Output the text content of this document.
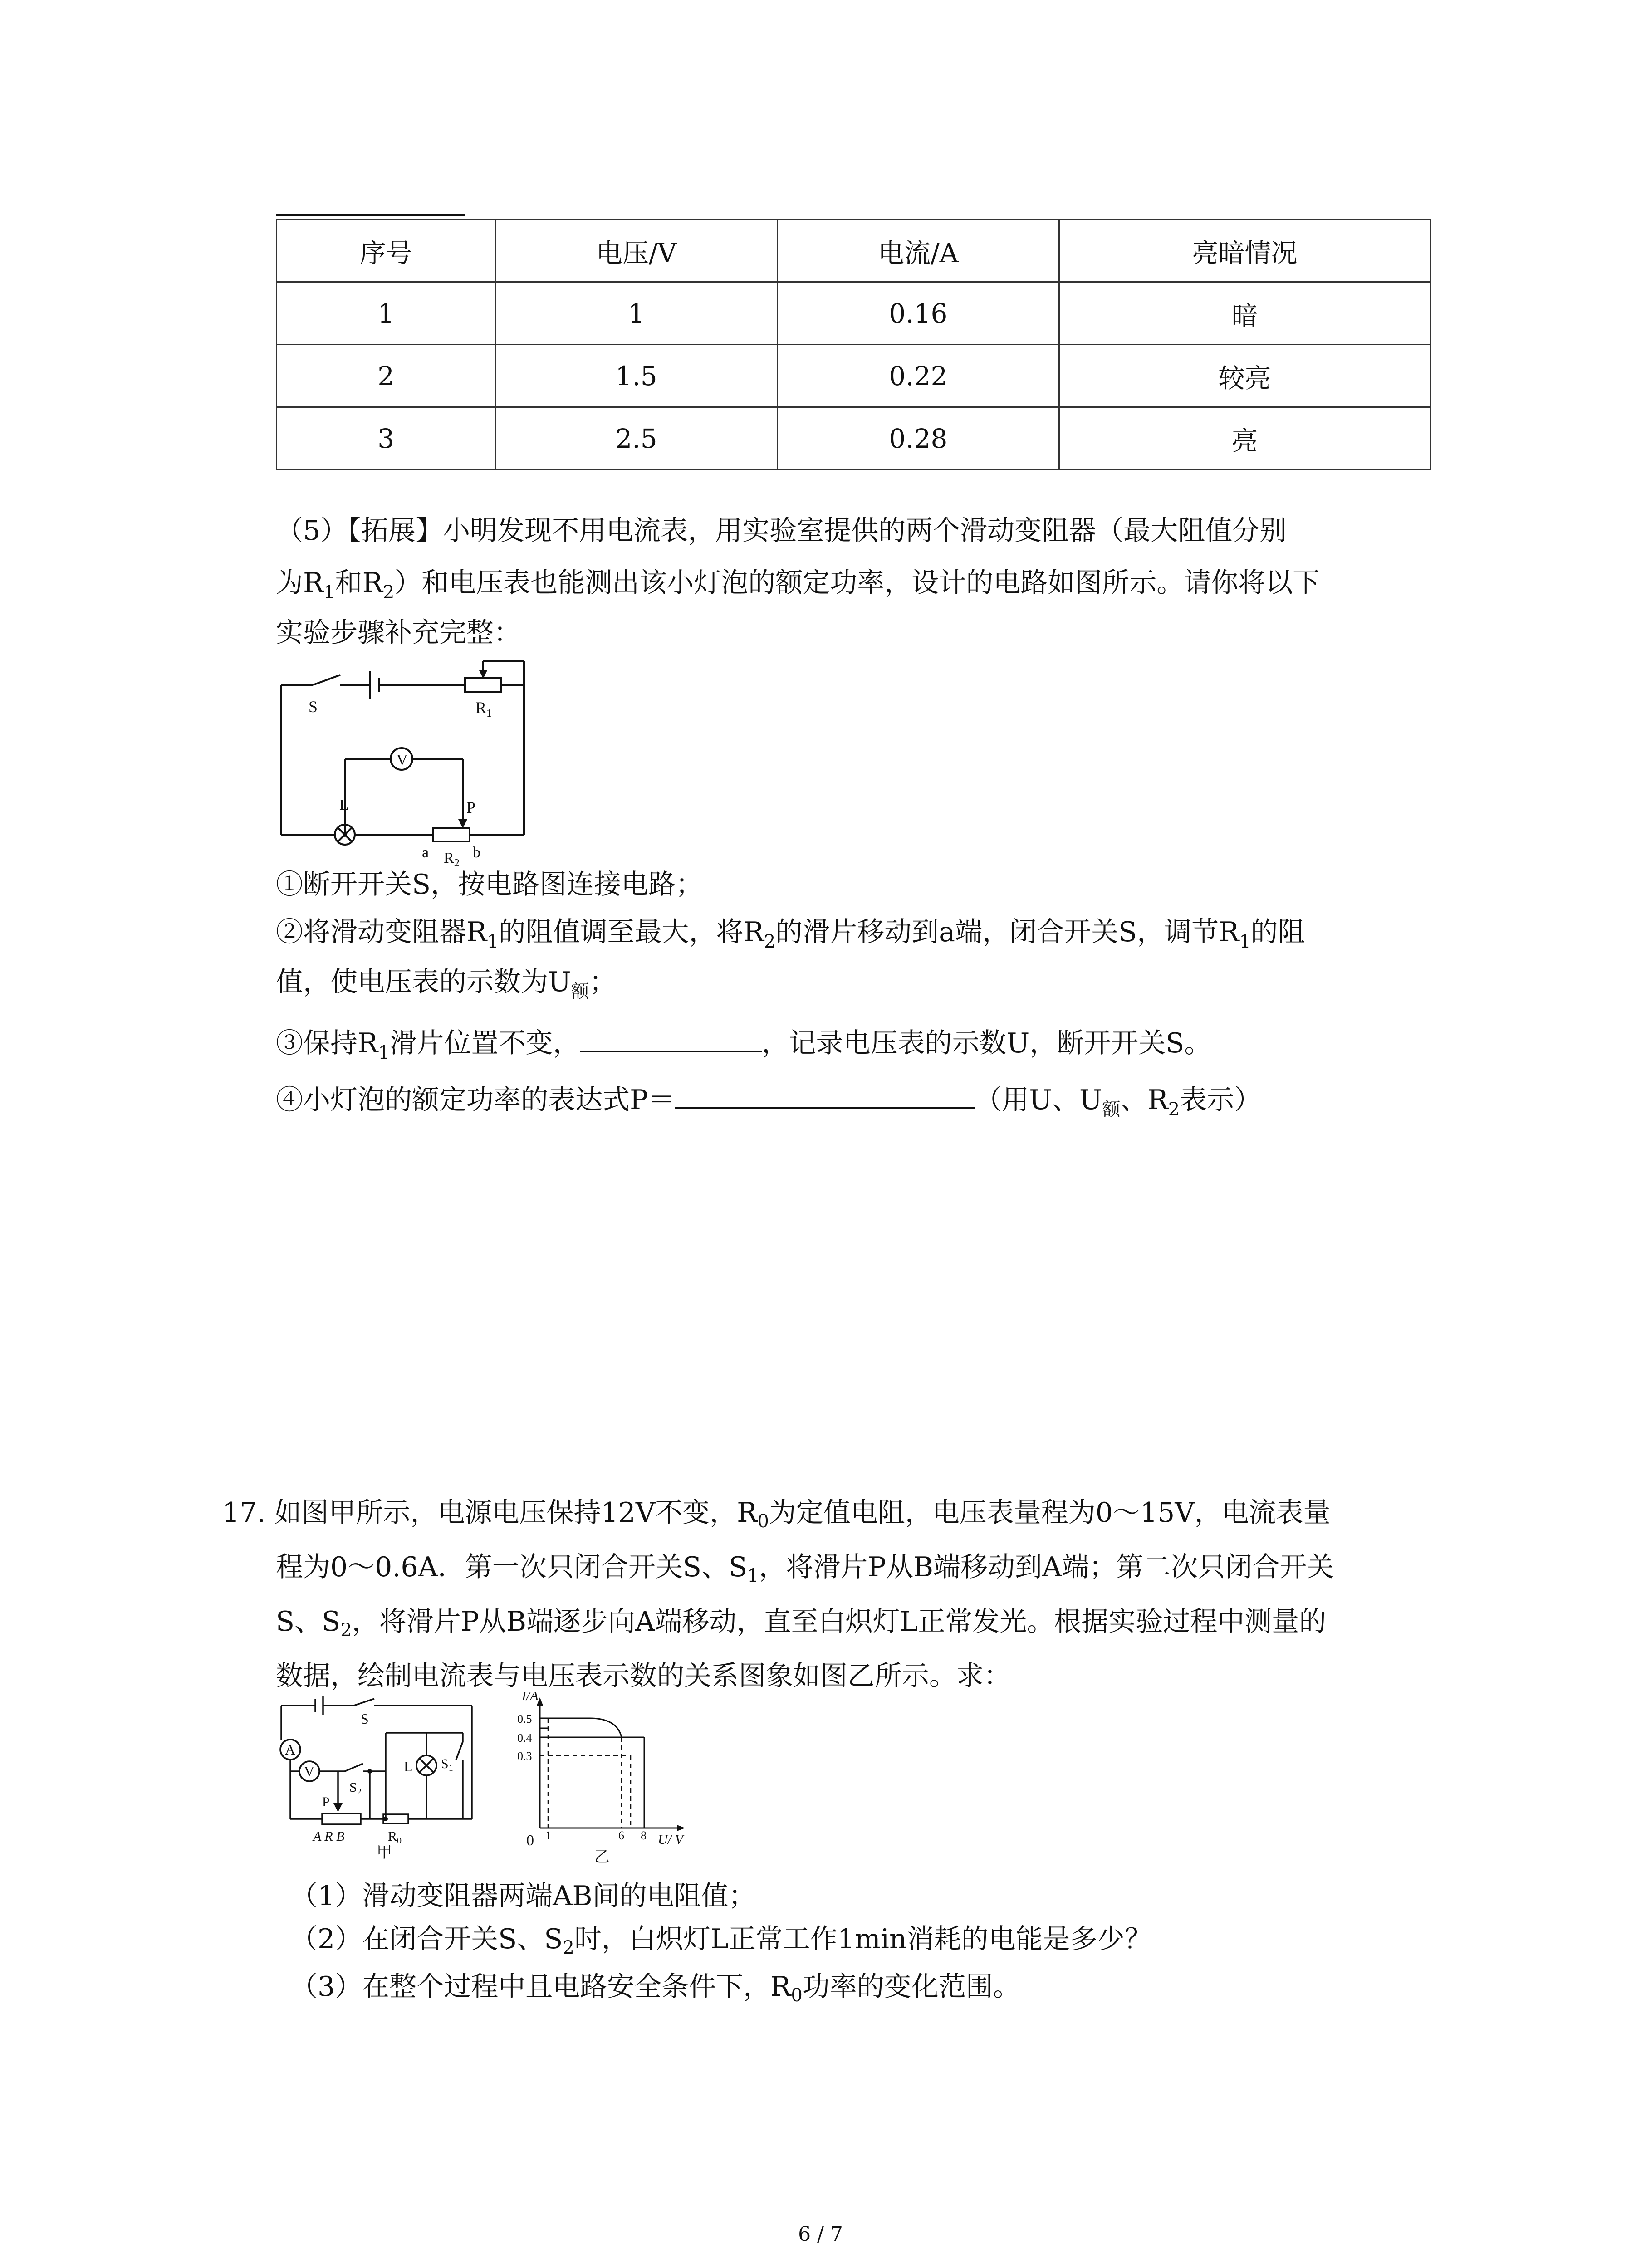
序号	电压/V	电流/A	亮暗情况
1	1	0.16	暗
2	1.5	0.22	较亮
3	2.5	0.28	亮
（5）【拓展】小明发现不用电流表，用实验室提供的两个滑动变阻器（最大阻值分别
为$R_1$和$R_2$）和电压表也能测出该小灯泡的额定功率，设计的电路如图所示。请你将以下
实验步骤补充完整：
S	$R_1$
V
L	P
a $R_2$
b
①断开开关S，按电路图连接电路；
②将滑动变阻器$R_1$的阻值调至最大，将$R_2$的滑片移动到a端，闭合开关S，调节$R_1$的阻
值，使电压表的示数为$U_额$；
③保持$R_1$滑片位置不变，	，记录电压表的示数U，断开开关S。
④小灯泡的额定功率的表达式P＝	（用U、$U_额$、$R_2$表示）
17. 如图甲所示，电源电压保持12V不变，$R_0$为定值电阻，电压表量程为0～15V，电流表量
程为0～0.6A．第一次只闭合开关S、$S_1$，将滑片P从B端移动到A端；第二次只闭合开关
S、$S_2$，将滑片P从B端逐步向A端移动，直至白炽灯L正常发光。根据实验过程中测量的
数据，绘制电流表与电压表示数的关系图象如图乙所示。求：
A
V
S
$S_2$
$S_1$
L
P
A R B	$R_0$
甲
I/A
0.5
0.4
0.3
0 1	6 8 U/ V
乙
（1）滑动变阻器两端AB间的电阻值；
（2）在闭合开关S、$S_2$时，白炽灯L正常工作1min消耗的电能是多少？
（3）在整个过程中且电路安全条件下，$R_0$功率的变化范围。
6 / 7
